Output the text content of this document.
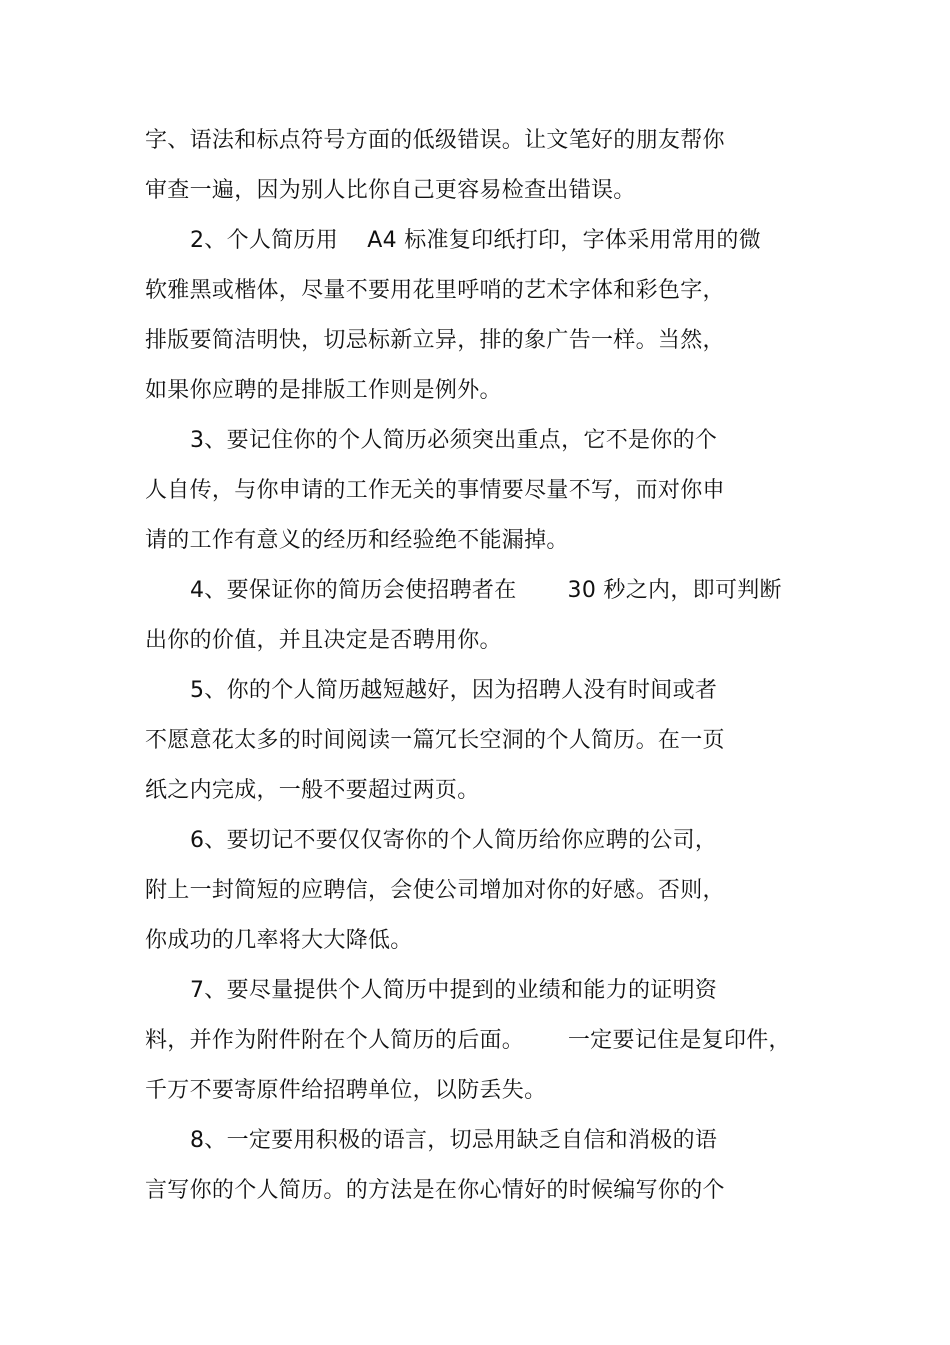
字、语法和标点符号方面的低级错误。让文笔好的朋友帮你
审查一遍，因为别人比你自己更容易检查出错误。
2、个人简历用    A4 标准复印纸打印，字体采用常用的微
软雅黑或楷体，尽量不要用花里呼哨的艺术字体和彩色字，
排版要简洁明快，切忌标新立异，排的象广告一样。当然，
如果你应聘的是排版工作则是例外。
3、要记住你的个人简历必须突出重点，它不是你的个
人自传，与你申请的工作无关的事情要尽量不写，而对你申
请的工作有意义的经历和经验绝不能漏掉。
4、要保证你的简历会使招聘者在       30 秒之内，即可判断
出你的价值，并且决定是否聘用你。
5、你的个人简历越短越好，因为招聘人没有时间或者
不愿意花太多的时间阅读一篇冗长空洞的个人简历。在一页
纸之内完成，一般不要超过两页。
6、要切记不要仅仅寄你的个人简历给你应聘的公司，
附上一封简短的应聘信，会使公司增加对你的好感。否则，
你成功的几率将大大降低。
7、要尽量提供个人简历中提到的业绩和能力的证明资
料，并作为附件附在个人简历的后面。      一定要记住是复印件，
千万不要寄原件给招聘单位，以防丢失。
8、一定要用积极的语言，切忌用缺乏自信和消极的语
言写你的个人简历。的方法是在你心情好的时候编写你的个
